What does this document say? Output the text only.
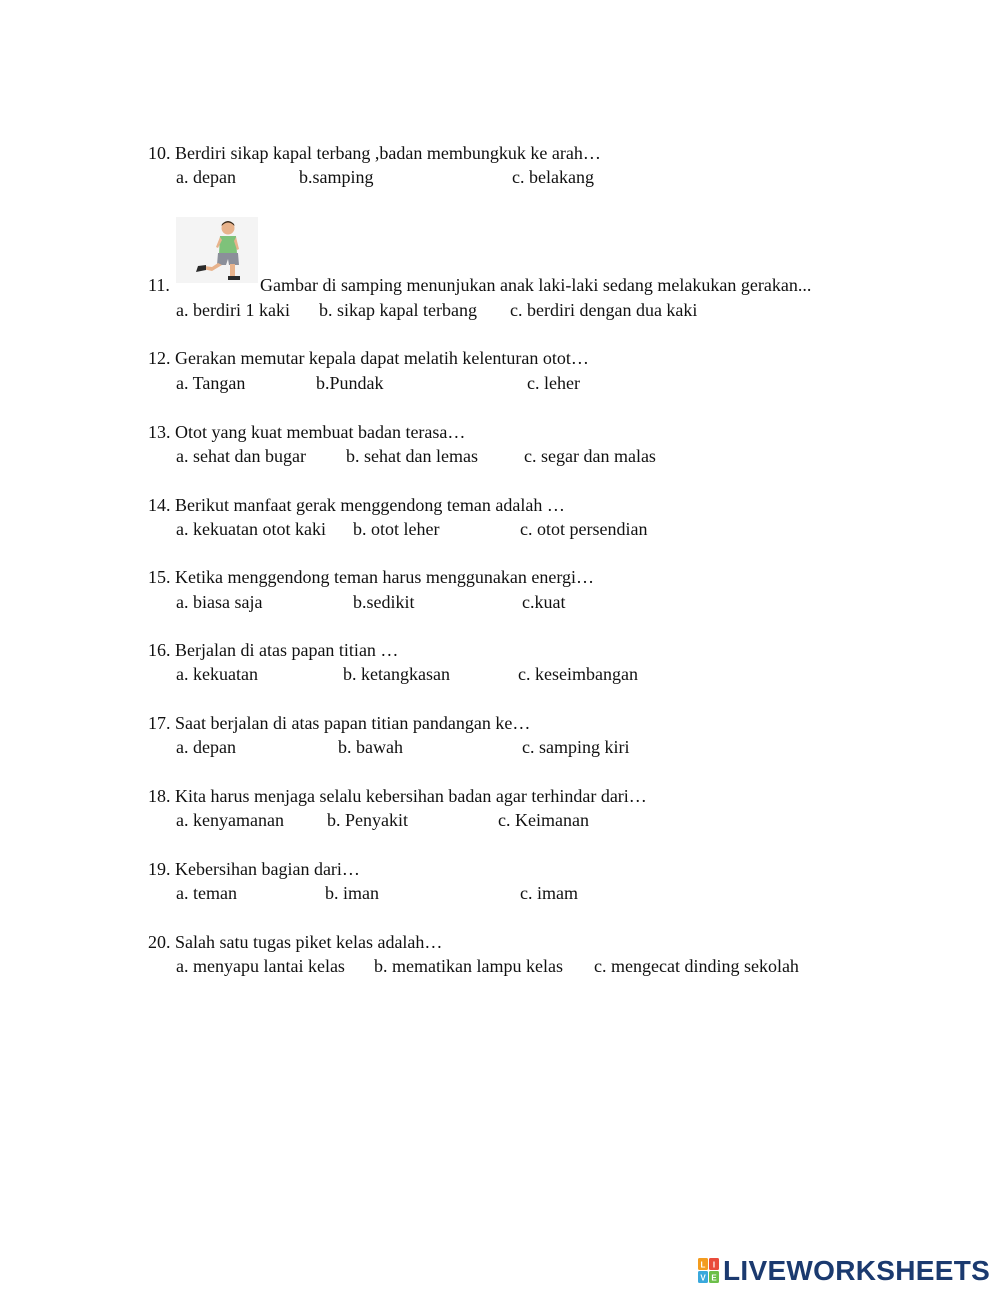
10. Berdiri sikap kapal terbang ,badan membungkuk ke arah…
a. depan	b.samping	c. belakang
11.	Gambar di samping menunjukan anak laki-laki sedang melakukan gerakan...
a. berdiri 1 kaki b. sikap kapal terbang c. berdiri dengan dua kaki
12. Gerakan memutar kepala dapat melatih kelenturan otot…
a. Tangan	b.Pundak	c. leher
13. Otot yang kuat membuat badan terasa…
a. sehat dan bugar b. sehat dan lemas	c. segar dan malas
14. Berikut manfaat gerak menggendong teman adalah …
a. kekuatan otot kaki b. otot leher	c. otot persendian
15. Ketika menggendong teman harus menggunakan energi…
a. biasa saja	b.sedikit	c.kuat
16. Berjalan di atas papan titian …
a. kekuatan	b. ketangkasan	c. keseimbangan
17. Saat berjalan di atas papan titian pandangan ke…
a. depan	b. bawah	c. samping kiri
18. Kita harus menjaga selalu kebersihan badan agar terhindar dari…
a. kenyamanan b. Penyakit	c. Keimanan
19. Kebersihan bagian dari…
a. teman	b. iman	c. imam
20. Salah satu tugas piket kelas adalah…
a. menyapu lantai kelas b. mematikan lampu kelas c. mengecat dinding sekolah
L I
V E LIVEWORKSHEETS
